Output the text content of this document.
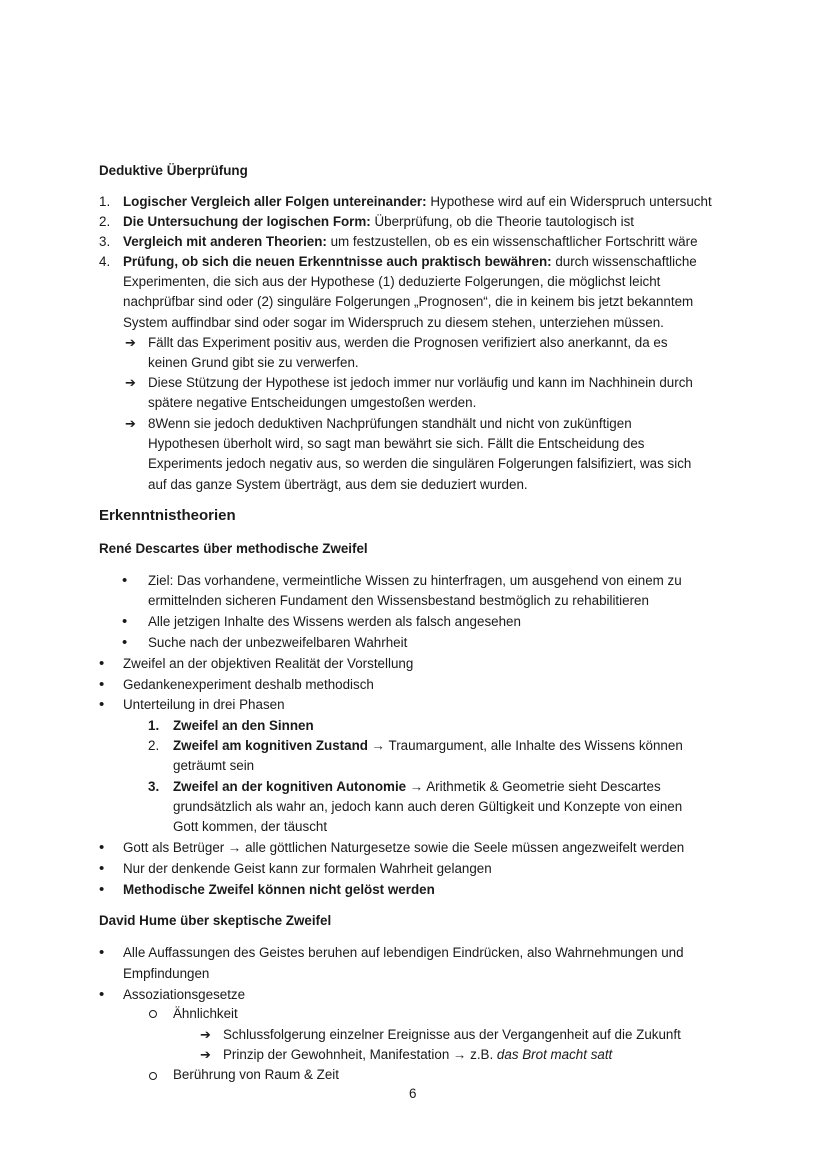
Deduktive Überprüfung
1. Logischer Vergleich aller Folgen untereinander: Hypothese wird auf ein Widerspruch untersucht
2. Die Untersuchung der logischen Form: Überprüfung, ob die Theorie tautologisch ist
3. Vergleich mit anderen Theorien: um festzustellen, ob es ein wissenschaftlicher Fortschritt wäre
4. Prüfung, ob sich die neuen Erkenntnisse auch praktisch bewähren: durch wissenschaftliche
Experimenten, die sich aus der Hypothese (1) deduzierte Folgerungen, die möglichst leicht
nachprüfbar sind oder (2) singuläre Folgerungen „Prognosen“, die in keinem bis jetzt bekanntem
System auffindbar sind oder sogar im Widerspruch zu diesem stehen, unterziehen müssen.
➔ Fällt das Experiment positiv aus, werden die Prognosen verifiziert also anerkannt, da es
keinen Grund gibt sie zu verwerfen.
➔ Diese Stützung der Hypothese ist jedoch immer nur vorläufig und kann im Nachhinein durch
spätere negative Entscheidungen umgestoßen werden.
➔ 8Wenn sie jedoch deduktiven Nachprüfungen standhält und nicht von zukünftigen
Hypothesen überholt wird, so sagt man bewährt sie sich. Fällt die Entscheidung des
Experiments jedoch negativ aus, so werden die singulären Folgerungen falsifiziert, was sich
auf das ganze System überträgt, aus dem sie deduziert wurden.
Erkenntnistheorien
René Descartes über methodische Zweifel
• Ziel: Das vorhandene, vermeintliche Wissen zu hinterfragen, um ausgehend von einem zu
ermittelnden sicheren Fundament den Wissensbestand bestmöglich zu rehabilitieren
• Alle jetzigen Inhalte des Wissens werden als falsch angesehen
• Suche nach der unbezweifelbaren Wahrheit
• Zweifel an der objektiven Realität der Vorstellung
• Gedankenexperiment deshalb methodisch
• Unterteilung in drei Phasen
1. Zweifel an den Sinnen
2. Zweifel am kognitiven Zustand → Traumargument, alle Inhalte des Wissens können
geträumt sein
3. Zweifel an der kognitiven Autonomie → Arithmetik & Geometrie sieht Descartes
grundsätzlich als wahr an, jedoch kann auch deren Gültigkeit und Konzepte von einen
Gott kommen, der täuscht
• Gott als Betrüger → alle göttlichen Naturgesetze sowie die Seele müssen angezweifelt werden
• Nur der denkende Geist kann zur formalen Wahrheit gelangen
• Methodische Zweifel können nicht gelöst werden
David Hume über skeptische Zweifel
• Alle Auffassungen des Geistes beruhen auf lebendigen Eindrücken, also Wahrnehmungen und
Empfindungen
• Assoziationsgesetze
Ähnlichkeit
➔ Schlussfolgerung einzelner Ereignisse aus der Vergangenheit auf die Zukunft
➔ Prinzip der Gewohnheit, Manifestation → z.B. das Brot macht satt
Berührung von Raum & Zeit
6
